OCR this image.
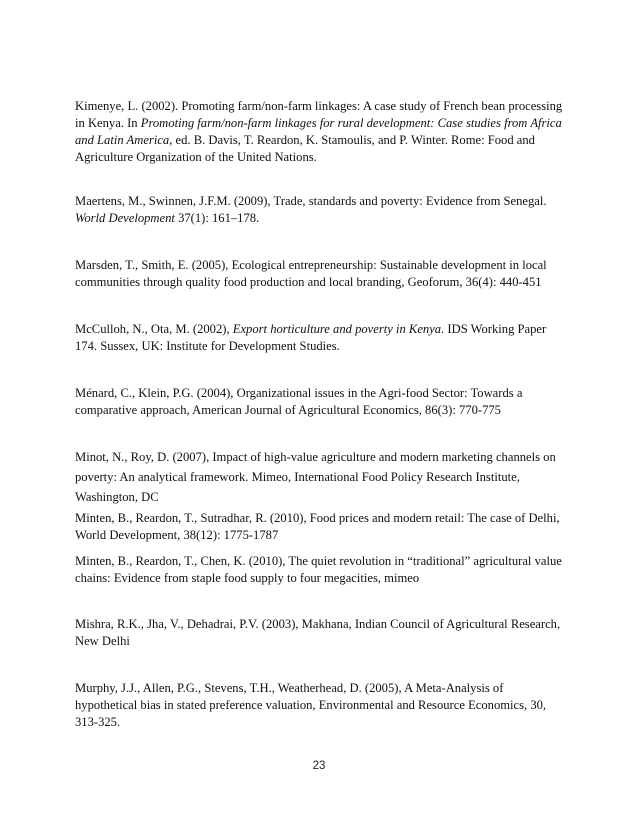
Kimenye, L. (2002). Promoting farm/non-farm linkages: A case study of French bean processing
in Kenya. In Promoting farm/non-farm linkages for rural development: Case studies from Africa
and Latin America, ed. B. Davis, T. Reardon, K. Stamoulis, and P. Winter. Rome: Food and
Agriculture Organization of the United Nations.

Maertens, M., Swinnen, J.F.M. (2009), Trade, standards and poverty: Evidence from Senegal.
World Development 37(1): 161–178.

Marsden, T., Smith, E. (2005), Ecological entrepreneurship: Sustainable development in local
communities through quality food production and local branding, Geoforum, 36(4): 440-451

McCulloh, N., Ota, M. (2002), Export horticulture and poverty in Kenya. IDS Working Paper
174. Sussex, UK: Institute for Development Studies.

Ménard, C., Klein, P.G. (2004), Organizational issues in the Agri-food Sector: Towards a
comparative approach, American Journal of Agricultural Economics, 86(3): 770-775

Minot, N., Roy, D. (2007), Impact of high-value agriculture and modern marketing channels on
poverty: An analytical framework. Mimeo, International Food Policy Research Institute,
Washington, DC

Minten, B., Reardon, T., Sutradhar, R. (2010), Food prices and modern retail: The case of Delhi,
World Development, 38(12): 1775-1787

Minten, B., Reardon, T., Chen, K. (2010), The quiet revolution in “traditional” agricultural value
chains: Evidence from staple food supply to four megacities, mimeo

Mishra, R.K., Jha, V., Dehadrai, P.V. (2003), Makhana, Indian Council of Agricultural Research,
New Delhi

Murphy, J.J., Allen, P.G., Stevens, T.H., Weatherhead, D. (2005), A Meta-Analysis of
hypothetical bias in stated preference valuation, Environmental and Resource Economics, 30,
313-325.

23
